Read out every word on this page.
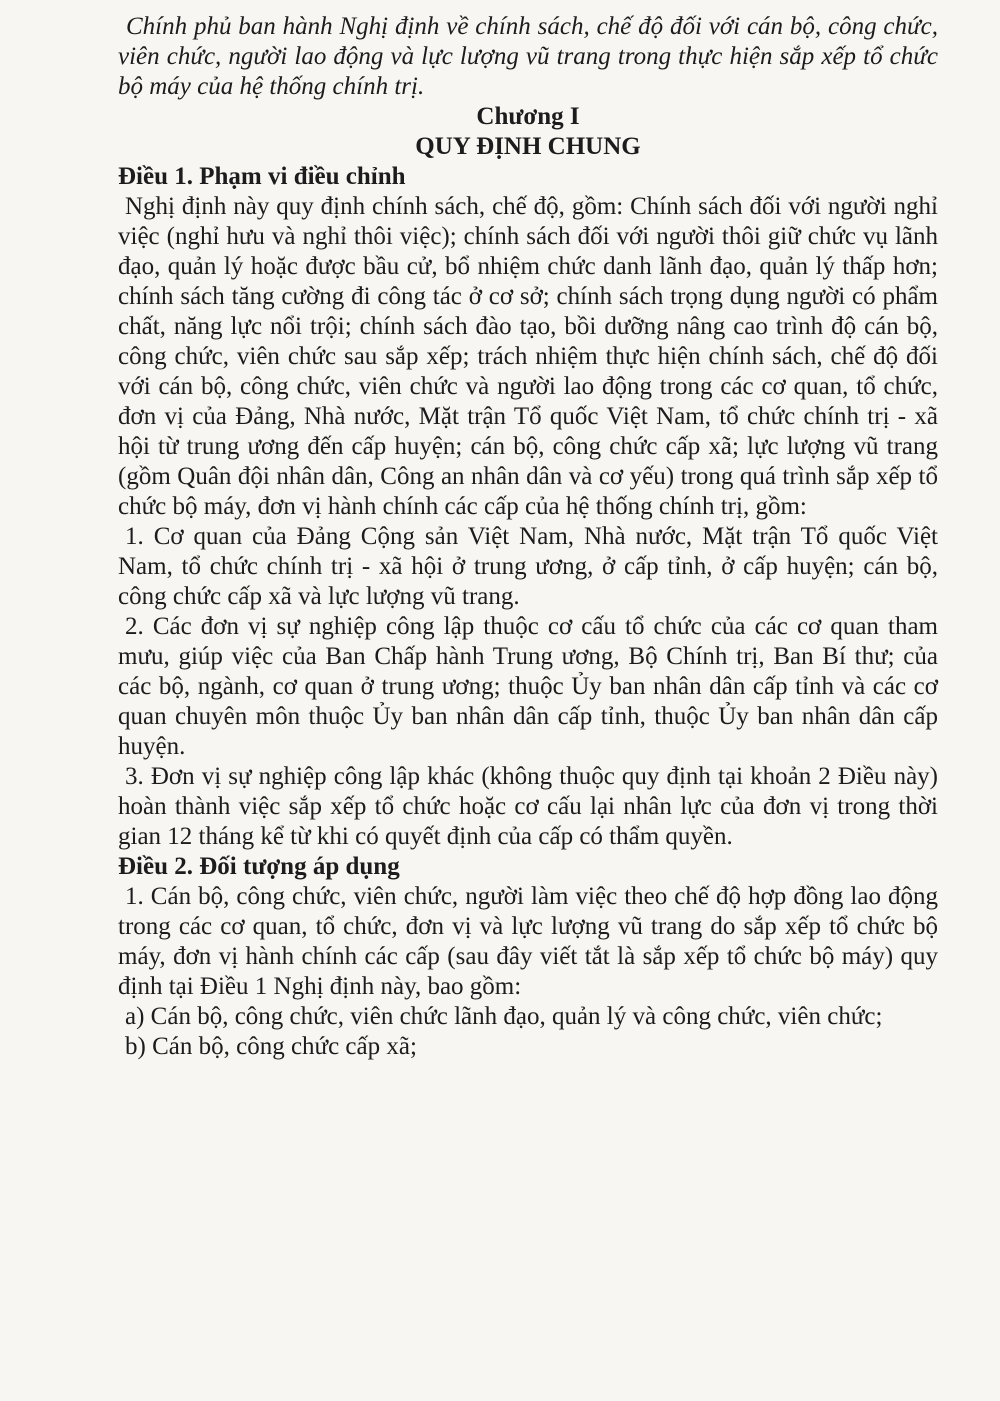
Chính phủ ban hành Nghị định về chính sách, chế độ đối với cán bộ, công chức, viên chức, người lao động và lực lượng vũ trang trong thực hiện sắp xếp tổ chức bộ máy của hệ thống chính trị.

Chương I

QUY ĐỊNH CHUNG

Điều 1. Phạm vi điều chỉnh

Nghị định này quy định chính sách, chế độ, gồm: Chính sách đối với người nghỉ việc (nghỉ hưu và nghỉ thôi việc); chính sách đối với người thôi giữ chức vụ lãnh đạo, quản lý hoặc được bầu cử, bổ nhiệm chức danh lãnh đạo, quản lý thấp hơn; chính sách tăng cường đi công tác ở cơ sở; chính sách trọng dụng người có phẩm chất, năng lực nổi trội; chính sách đào tạo, bồi dưỡng nâng cao trình độ cán bộ, công chức, viên chức sau sắp xếp; trách nhiệm thực hiện chính sách, chế độ đối với cán bộ, công chức, viên chức và người lao động trong các cơ quan, tổ chức, đơn vị của Đảng, Nhà nước, Mặt trận Tổ quốc Việt Nam, tổ chức chính trị - xã hội từ trung ương đến cấp huyện; cán bộ, công chức cấp xã; lực lượng vũ trang (gồm Quân đội nhân dân, Công an nhân dân và cơ yếu) trong quá trình sắp xếp tổ chức bộ máy, đơn vị hành chính các cấp của hệ thống chính trị, gồm:

1. Cơ quan của Đảng Cộng sản Việt Nam, Nhà nước, Mặt trận Tổ quốc Việt Nam, tổ chức chính trị - xã hội ở trung ương, ở cấp tỉnh, ở cấp huyện; cán bộ, công chức cấp xã và lực lượng vũ trang.

2. Các đơn vị sự nghiệp công lập thuộc cơ cấu tổ chức của các cơ quan tham mưu, giúp việc của Ban Chấp hành Trung ương, Bộ Chính trị, Ban Bí thư; của các bộ, ngành, cơ quan ở trung ương; thuộc Ủy ban nhân dân cấp tỉnh và các cơ quan chuyên môn thuộc Ủy ban nhân dân cấp tỉnh, thuộc Ủy ban nhân dân cấp huyện.

3. Đơn vị sự nghiệp công lập khác (không thuộc quy định tại khoản 2 Điều này) hoàn thành việc sắp xếp tổ chức hoặc cơ cấu lại nhân lực của đơn vị trong thời gian 12 tháng kể từ khi có quyết định của cấp có thẩm quyền.

Điều 2. Đối tượng áp dụng

1. Cán bộ, công chức, viên chức, người làm việc theo chế độ hợp đồng lao động trong các cơ quan, tổ chức, đơn vị và lực lượng vũ trang do sắp xếp tổ chức bộ máy, đơn vị hành chính các cấp (sau đây viết tắt là sắp xếp tổ chức bộ máy) quy định tại Điều 1 Nghị định này, bao gồm:

a) Cán bộ, công chức, viên chức lãnh đạo, quản lý và công chức, viên chức;

b) Cán bộ, công chức cấp xã;
